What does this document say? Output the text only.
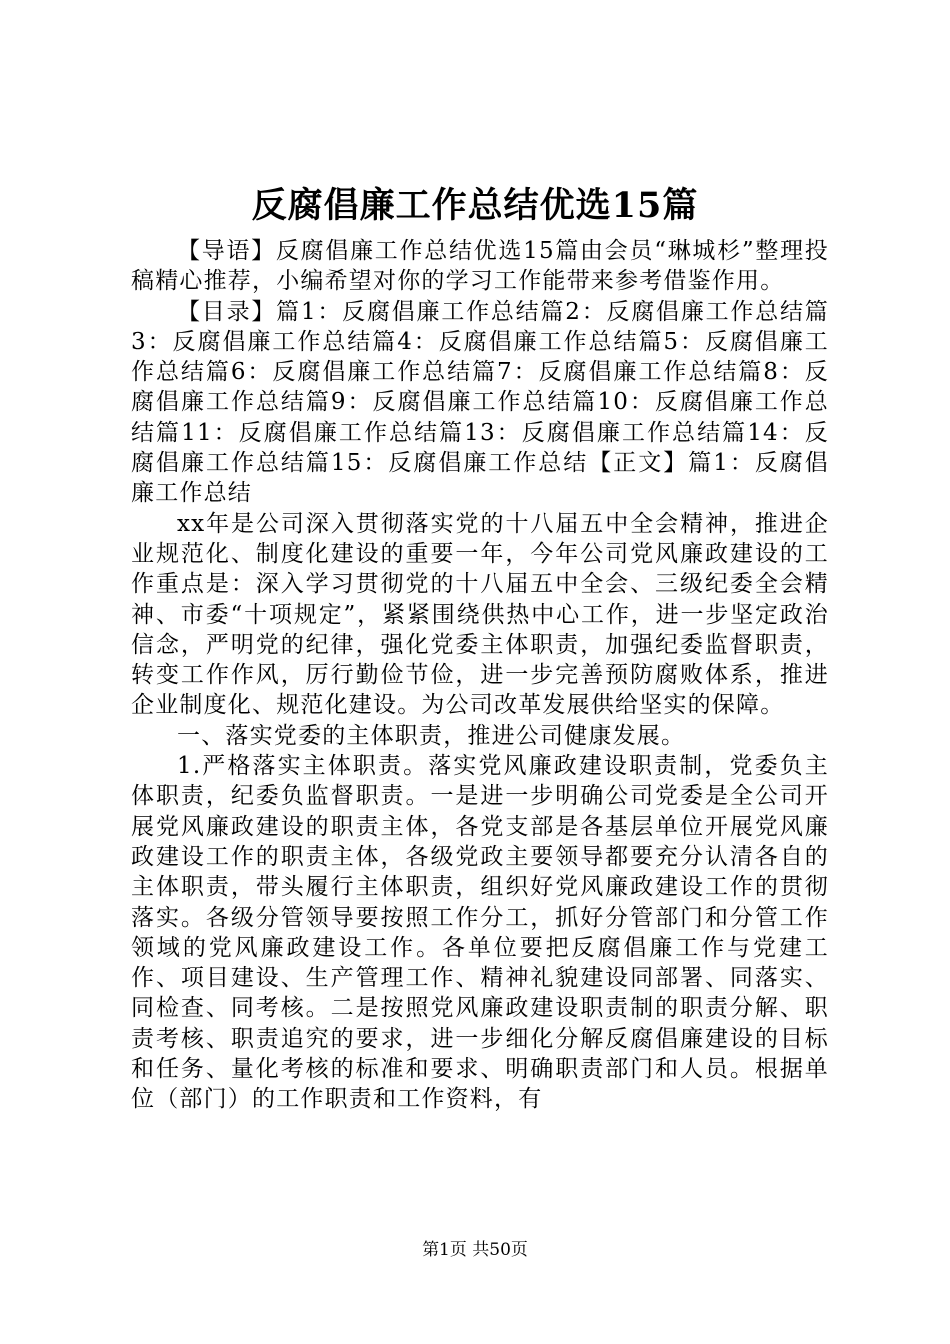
反腐倡廉工作总结优选15篇

【导语】反腐倡廉工作总结优选15篇由会员“琳城杉”整理投稿精心推荐，小编希望对你的学习工作能带来参考借鉴作用。

【目录】篇1：反腐倡廉工作总结篇2：反腐倡廉工作总结篇3：反腐倡廉工作总结篇4：反腐倡廉工作总结篇5：反腐倡廉工作总结篇6：反腐倡廉工作总结篇7：反腐倡廉工作总结篇8：反腐倡廉工作总结篇9：反腐倡廉工作总结篇10：反腐倡廉工作总结篇11：反腐倡廉工作总结篇13：反腐倡廉工作总结篇14：反腐倡廉工作总结篇15：反腐倡廉工作总结【正文】篇1：反腐倡廉工作总结

xx年是公司深入贯彻落实党的十八届五中全会精神，推进企业规范化、制度化建设的重要一年，今年公司党风廉政建设的工作重点是：深入学习贯彻党的十八届五中全会、三级纪委全会精神、市委“十项规定”，紧紧围绕供热中心工作，进一步坚定政治信念，严明党的纪律，强化党委主体职责，加强纪委监督职责，转变工作作风，厉行勤俭节俭，进一步完善预防腐败体系，推进企业制度化、规范化建设。为公司改革发展供给坚实的保障。

一、落实党委的主体职责，推进公司健康发展。

1.严格落实主体职责。落实党风廉政建设职责制，党委负主体职责，纪委负监督职责。一是进一步明确公司党委是全公司开展党风廉政建设的职责主体，各党支部是各基层单位开展党风廉政建设工作的职责主体，各级党政主要领导都要充分认清各自的主体职责，带头履行主体职责，组织好党风廉政建设工作的贯彻落实。各级分管领导要按照工作分工，抓好分管部门和分管工作领域的党风廉政建设工作。各单位要把反腐倡廉工作与党建工作、项目建设、生产管理工作、精神礼貌建设同部署、同落实、同检查、同考核。二是按照党风廉政建设职责制的职责分解、职责考核、职责追究的要求，进一步细化分解反腐倡廉建设的目标和任务、量化考核的标准和要求、明确职责部门和人员。根据单位（部门）的工作职责和工作资料，有

第1页 共50页
